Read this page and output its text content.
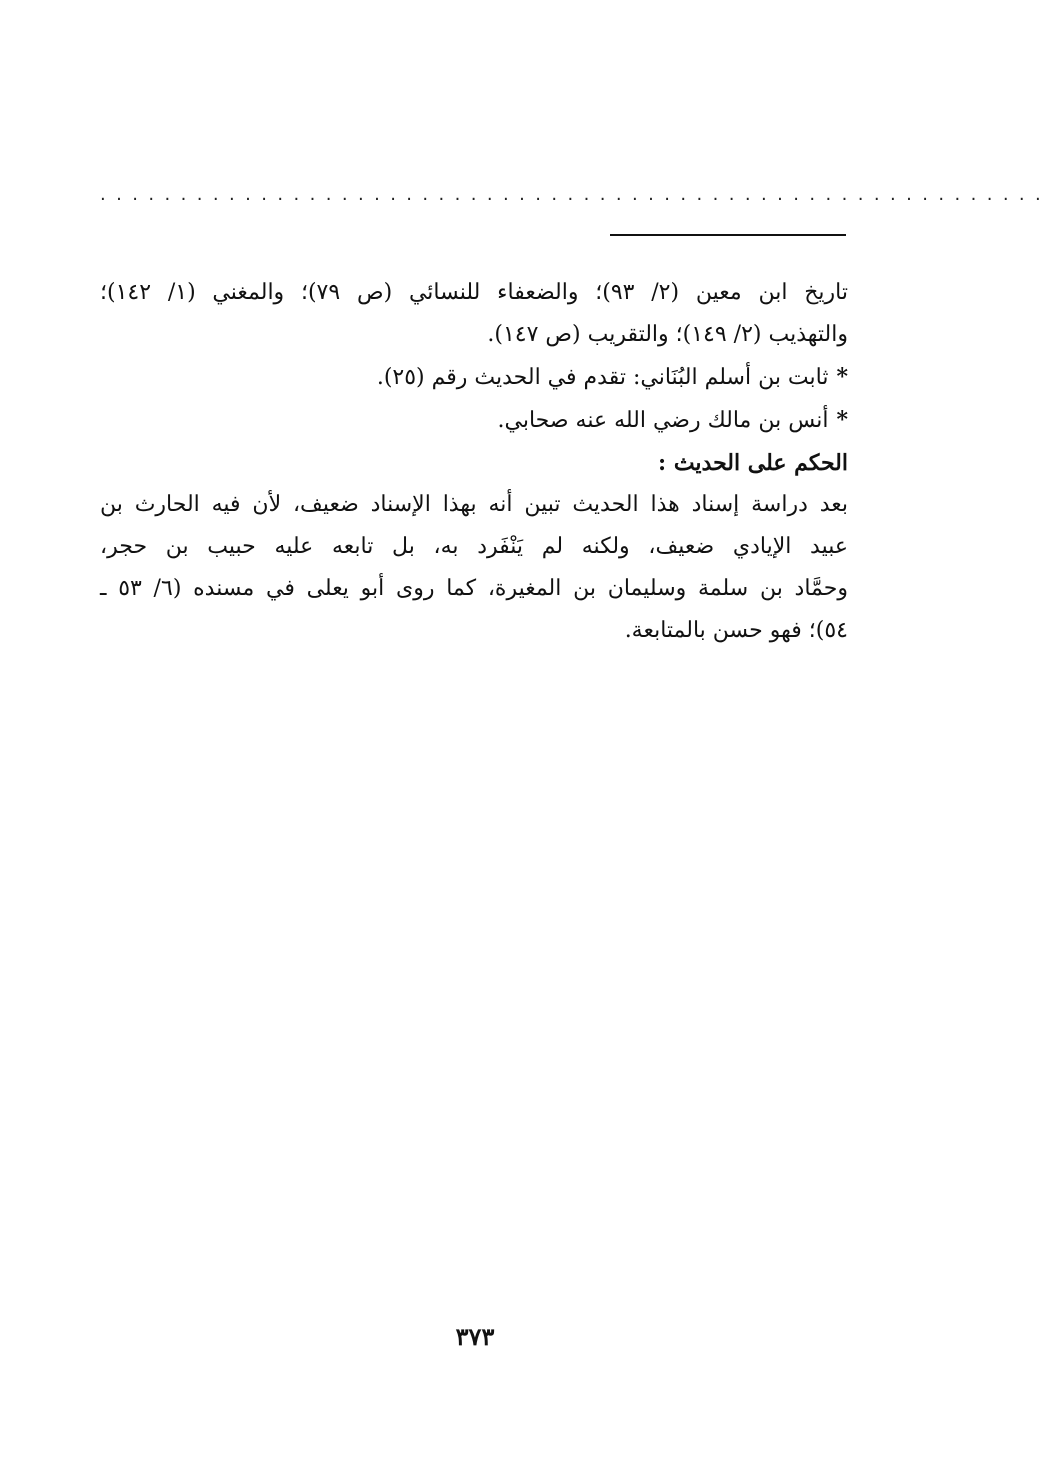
...........................................................
تاريخ ابن معين (٢/ ٩٣)؛ والضعفاء للنسائي (ص ٧٩)؛ والمغني (١/ ١٤٢)؛
والتهذيب (٢/ ١٤٩)؛ والتقريب (ص ١٤٧).
*ثابت بن أسلم البُنَاني: تقدم في الحديث رقم (٢٥).
*أنس بن مالك رضي الله عنه صحابي.
الحكم على الحديث :
بعد دراسة إسناد هذا الحديث تبين أنه بهذا الإسناد ضعيف، لأن فيه الحارث بن
عبيد الإيادي ضعيف، ولكنه لم يَنْفَرد به، بل تابعه عليه حبيب بن حجر،
وحمَّاد بن سلمة وسليمان بن المغيرة، كما روى أبو يعلى في مسنده (٦/ ٥٣ ـ
٥٤)؛ فهو حسن بالمتابعة.
٣٧٣
